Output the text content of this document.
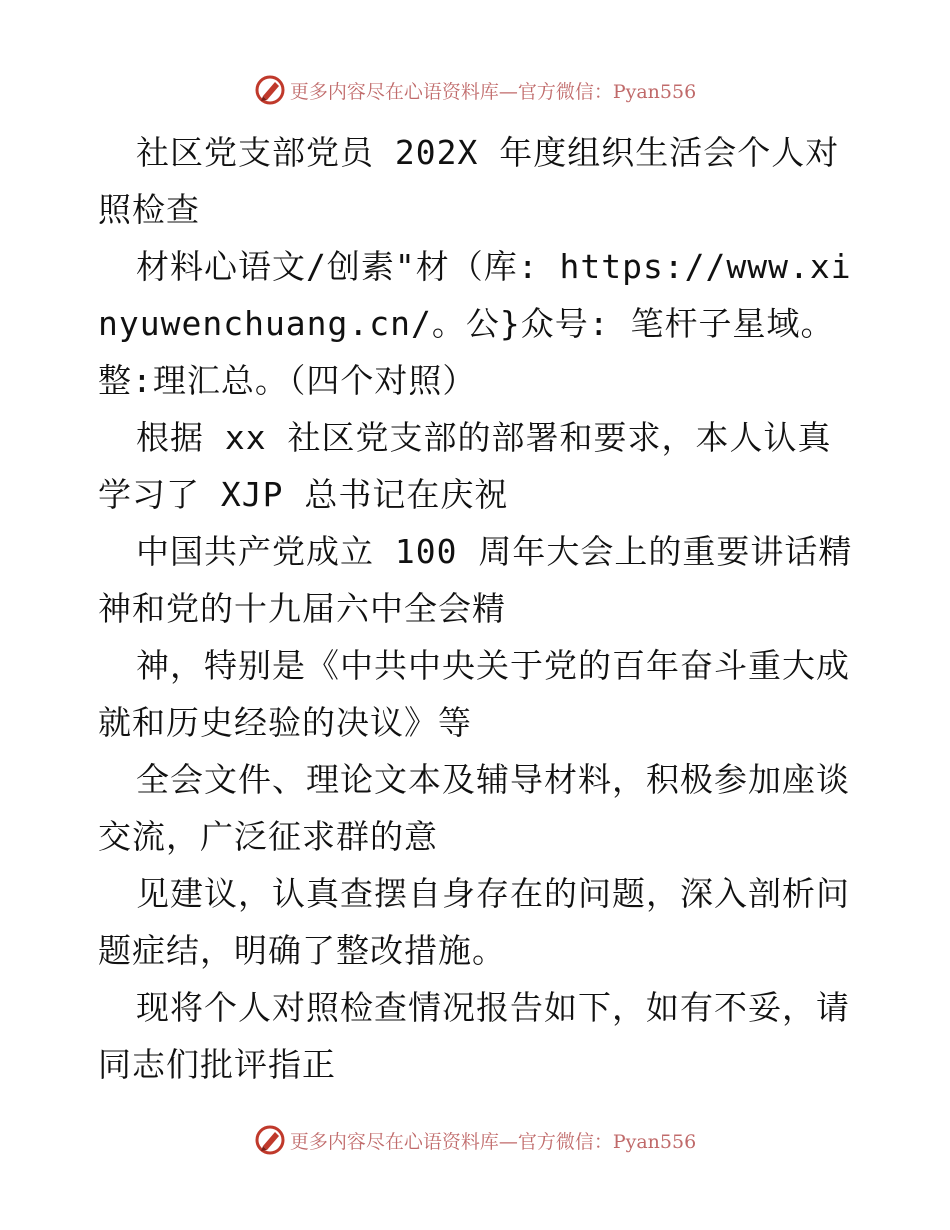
更多内容尽在心语资料库—官方微信：Pyan556

社区党支部党员 202X 年度组织生活会个人对照检查

材料心语文/创素"材（库: https://www.xinyuwenchuang.cn/。公}众号: 笔杆子星域。整:理汇总。（四个对照）

根据 xx 社区党支部的部署和要求，本人认真学习了 XJP 总书记在庆祝

中国共产党成立 100 周年大会上的重要讲话精神和党的十九届六中全会精

神，特别是《中共中央关于党的百年奋斗重大成就和历史经验的决议》等

全会文件、理论文本及辅导材料，积极参加座谈交流，广泛征求群的意

见建议，认真查摆自身存在的问题，深入剖析问题症结，明确了整改措施。

现将个人对照检查情况报告如下，如有不妥，请同志们批评指正

更多内容尽在心语资料库—官方微信：Pyan556
